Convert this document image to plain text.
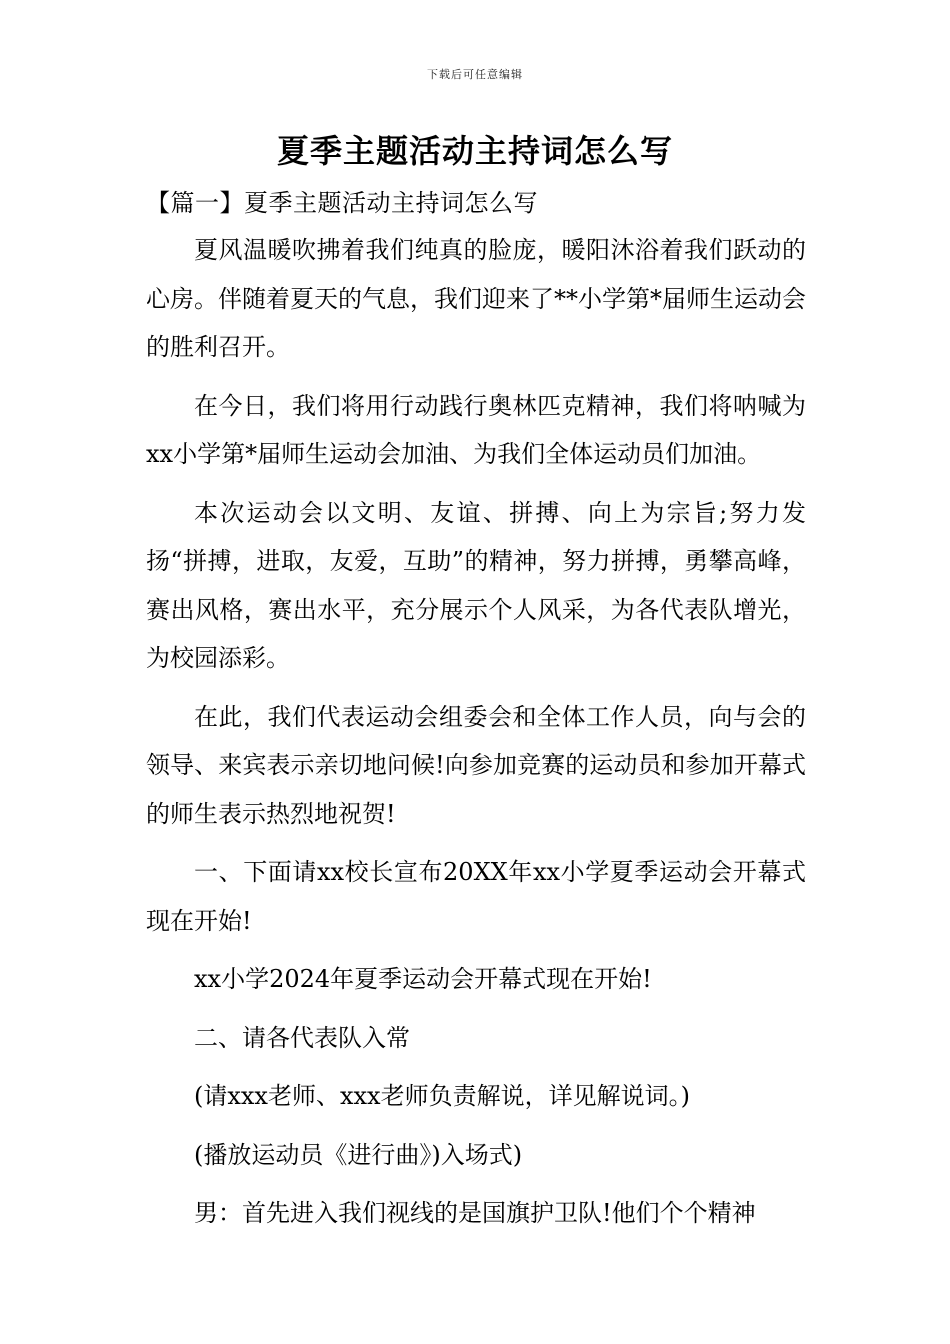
下载后可任意编辑
夏季主题活动主持词怎么写
【篇一】夏季主题活动主持词怎么写

夏风温暖吹拂着我们纯真的脸庞，暖阳沐浴着我们跃动的心房。伴随着夏天的气息，我们迎来了**小学第*届师生运动会的胜利召开。

在今日，我们将用行动践行奥林匹克精神，我们将呐喊为xx小学第*届师生运动会加油、为我们全体运动员们加油。

本次运动会以文明、友谊、拼搏、向上为宗旨;努力发扬“拼搏，进取，友爱，互助”的精神，努力拼搏，勇攀高峰，赛出风格，赛出水平，充分展示个人风采，为各代表队增光，为校园添彩。

在此，我们代表运动会组委会和全体工作人员，向与会的领导、来宾表示亲切地问候!向参加竞赛的运动员和参加开幕式的师生表示热烈地祝贺!

一、下面请xx校长宣布20XX年xx小学夏季运动会开幕式现在开始!

xx小学2024年夏季运动会开幕式现在开始!

二、请各代表队入常

(请xxx老师、xxx老师负责解说，详见解说词。)

(播放运动员《进行曲》)入场式)

男：首先进入我们视线的是国旗护卫队!他们个个精神
